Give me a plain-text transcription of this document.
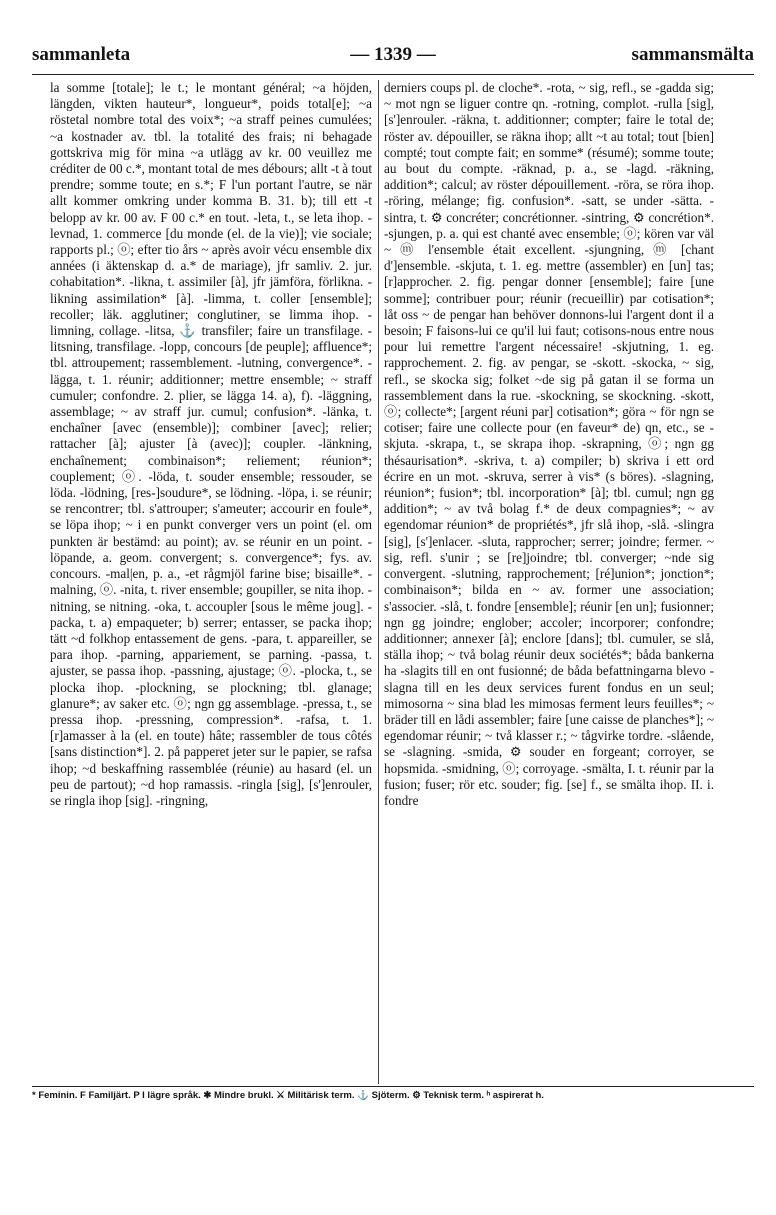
sammanleta	— 1339 —	sammansmälta
la somme [totale]; le t.; le montant général; ~a höjden, längden, vikten hauteur*, longueur*, poids total[e]; ~a röstetal nombre total des voix*; ~a straff peines cumulées; ~a kostnader av. tbl. la totalité des frais; ni behagade gottskriva mig för mina ~a utlägg av kr. 00 veuillez me créditer de 00 c.*, montant total de mes débours; allt -t à tout prendre; somme toute; en s.*; F l'un portant l'autre, se när allt kommer omkring under komma B. 31. b); till ett -t belopp av kr. 00 av. F 00 c.* en tout. -leta, t., se leta ihop. -levnad, 1. commerce [du monde (el. de la vie)]; vie sociale; rapports pl.; ⓞ; efter tio års ~ après avoir vécu ensemble dix années (i äktenskap d. a.* de mariage), jfr samliv. 2. jur. cohabitation*. -likna, t. assimiler [à], jfr jämföra, förlikna. -likning assimilation* [à]. -limma, t. coller [ensemble]; recoller; läk. agglutiner; conglutiner, se limma ihop. -limning, collage. -litsa, ⚓ transfiler; faire un transfilage. -litsning, transfilage. -lopp, concours [de peuple]; affluence*; tbl. attroupement; rassemblement. -lutning, convergence*. -lägga, t. 1. réunir; additionner; mettre ensemble; ~ straff cumuler; confondre. 2. plier, se lägga 14. a), f). -läggning, assemblage; ~ av straff jur. cumul; confusion*. -länka, t. enchaîner [avec (ensemble)]; combiner [avec]; relier; rattacher [à]; ajuster [à (avec)]; coupler. -länkning, enchaînement; combinaison*; reliement; réunion*; couplement; ⓞ. -löda, t. souder ensemble; ressouder, se löda. -lödning, [res-]soudure*, se lödning. -löpa, i. se réunir; se rencontrer; tbl. s'attrouper; s'ameuter; accourir en foule*, se löpa ihop; ~ i en punkt converger vers un point (el. om punkten är bestämd: au point); av. se réunir en un point. -löpande, a. geom. convergent; s. convergence*; fys. av. concours. -mal|en, p. a., -et rågmjöl farine bise; bisaille*. -malning, ⓞ. -nita, t. river ensemble; goupiller, se nita ihop. -nitning, se nitning. -oka, t. accoupler [sous le même joug]. -packa, t. a) empaqueter; b) serrer; entasser, se packa ihop; tätt ~d folkhop entassement de gens. -para, t. appareiller, se para ihop. -parning, appariement, se parning. -passa, t. ajuster, se passa ihop. -passning, ajustage; ⓞ. -plocka, t., se plocka ihop. -plockning, se plockning; tbl. glanage; glanure*; av saker etc. ⓞ; ngn gg assemblage. -pressa, t., se pressa ihop. -pressning, compression*. -rafsa, t. 1. [r]amasser à la (el. en toute) hâte; rassembler de tous côtés [sans distinction*]. 2. på papperet jeter sur le papier, se rafsa ihop; ~d beskaffning rassemblée (réunie) au hasard (el. un peu de partout); ~d hop ramassis. -ringla [sig], [s']enrouler, se ringla ihop [sig]. -ringning,
derniers coups pl. de cloche*. -rota, ~ sig, refl., se -gadda sig; ~ mot ngn se liguer contre qn. -rotning, complot. -rulla [sig], [s']enrouler. -räkna, t. additionner; compter; faire le total de; röster av. dépouiller, se räkna ihop; allt ~t au total; tout [bien] compté; tout compte fait; en somme* (résumé); somme toute; au bout du compte. -räknad, p. a., se -lagd. -räkning, addition*; calcul; av röster dépouillement. -röra, se röra ihop. -röring, mélange; fig. confusion*. -satt, se under -sätta. -sintra, t. ⚙ concréter; concrétionner. -sintring, ⚙ concrétion*. -sjungen, p. a. qui est chanté avec ensemble; ⓞ; kören var väl ~ ⓜ l'ensemble était excellent. -sjungning, ⓜ [chant d']ensemble. -skjuta, t. 1. eg. mettre (assembler) en [un] tas; [r]approcher. 2. fig. pengar donner [ensemble]; faire [une somme]; contribuer pour; réunir (recueillir) par cotisation*; låt oss ~ de pengar han behöver donnons-lui l'argent dont il a besoin; F faisons-lui ce qu'il lui faut; cotisons-nous entre nous pour lui remettre l'argent nécessaire! -skjutning, 1. eg. rapprochement. 2. fig. av pengar, se -skott. -skocka, ~ sig, refl., se skocka sig; folket ~de sig på gatan il se forma un rassemblement dans la rue. -skockning, se skockning. -skott, ⓞ; collecte*; [argent réuni par] cotisation*; göra ~ för ngn se cotiser; faire une collecte pour (en faveur* de) qn, etc., se -skjuta. -skrapa, t., se skrapa ihop. -skrapning, ⓞ; ngn gg thésaurisation*. -skriva, t. a) compiler; b) skriva i ett ord écrire en un mot. -skruva, serrer à vis* (s böres). -slagning, réunion*; fusion*; tbl. incorporation* [à]; tbl. cumul; ngn gg addition*; ~ av två bolag f.* de deux compagnies*; ~ av egendomar réunion* de propriétés*, jfr slå ihop, -slå. -slingra [sig], [s']enlacer. -sluta, rapprocher; serrer; joindre; fermer. ~ sig, refl. s'unir ; se [re]joindre; tbl. converger; ~nde sig convergent. -slutning, rapprochement; [ré]union*; jonction*; combinaison*; bilda en ~ av. former une association; s'associer. -slå, t. fondre [ensemble]; réunir [en un]; fusionner; ngn gg joindre; englober; accoler; incorporer; confondre; additionner; annexer [à]; enclore [dans]; tbl. cumuler, se slå, ställa ihop; ~ två bolag réunir deux sociétés*; båda bankerna ha -slagits till en ont fusionné; de båda befattningarna blevo -slagna till en les deux services furent fondus en un seul; mimosorna ~ sina blad les mimosas ferment leurs feuilles*; ~ bräder till en lådi assembler; faire [une caisse de planches*]; ~ egendomar réunir; ~ två klasser r.; ~ tågvirke tordre. -slående, se -slagning. -smida, ⚙ souder en forgeant; corroyer, se hopsmida. -smidning, ⓞ; corroyage. -smälta, I. t. réunir par la fusion; fuser; rör etc. souder; fig. [se] f., se smälta ihop. II. i. fondre
* Feminin. F Familjärt. P I lägre språk. ✱ Mindre brukl. ⚔ Militärisk term. ⚓ Sjöterm. ⚙ Teknisk term. ʰ aspirerat h.
